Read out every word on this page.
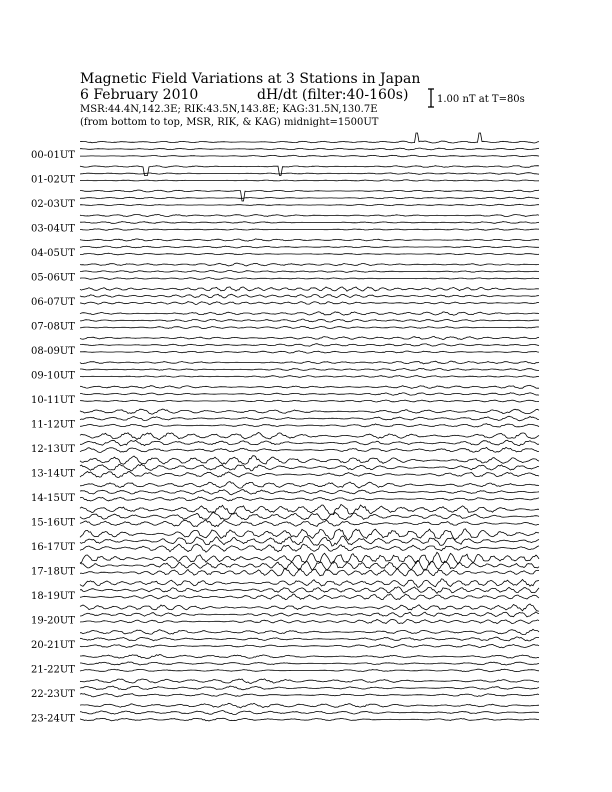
Magnetic Field Variations at 3 Stations in Japan
6 February 2010	dH/dt (filter:40-160s)
MSR:44.4N,142.3E; RIK:43.5N,143.8E; KAG:31.5N,130.7E
(from bottom to top, MSR, RIK, & KAG) midnight=1500UT
1.00 nT at T=80s
00-01UT
01-02UT
02-03UT
03-04UT
04-05UT
05-06UT
06-07UT
07-08UT
08-09UT
09-10UT
10-11UT
11-12UT
12-13UT
13-14UT
14-15UT
15-16UT
16-17UT
17-18UT
18-19UT
19-20UT
20-21UT
21-22UT
22-23UT
23-24UT
